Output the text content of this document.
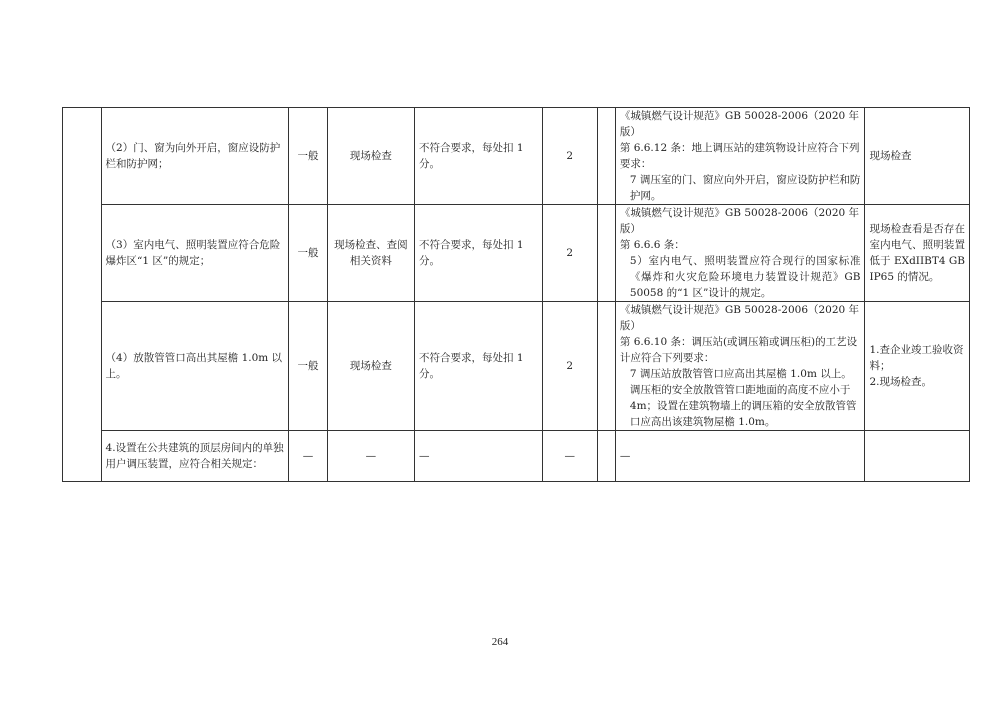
	（2）门、窗为向外开启，窗应设防护栏和防护网；	一般	现场检查	不符合要求，每处扣 1 分。	2		《城镇燃气设计规范》GB 50028-2006（2020 年版）
第 6.6.12 条：地上调压站的建筑物设计应符合下列要求：
7 调压室的门、窗应向外开启，窗应设防护栏和防护网。	现场检查
	（3）室内电气、照明装置应符合危险爆炸区“1 区”的规定；	一般	现场检查、查阅相关资料	不符合要求，每处扣 1 分。	2		《城镇燃气设计规范》GB 50028-2006（2020 年版）
第 6.6.6 条：
5）室内电气、照明装置应符合现行的国家标准《爆炸和火灾危险环境电力装置设计规范》GB 50058 的“1 区”设计的规定。	现场检查看是否存在室内电气、照明装置低于 EXdIIBT4 GB IP65 的情况。
	（4）放散管管口高出其屋檐 1.0m 以上。	一般	现场检查	不符合要求，每处扣 1 分。	2		《城镇燃气设计规范》GB 50028-2006（2020 年版）
第 6.6.10 条：调压站(或调压箱或调压柜)的工艺设计应符合下列要求：
7 调压站放散管管口应高出其屋檐 1.0m 以上。调压柜的安全放散管管口距地面的高度不应小于 4m；设置在建筑物墙上的调压箱的安全放散管管口应高出该建筑物屋檐 1.0m。	1.查企业竣工验收资料；
2.现场检查。

	4.设置在公共建筑的顶层房间内的单独用户调压装置，应符合相关规定：	—	—	—	—		—	
264
